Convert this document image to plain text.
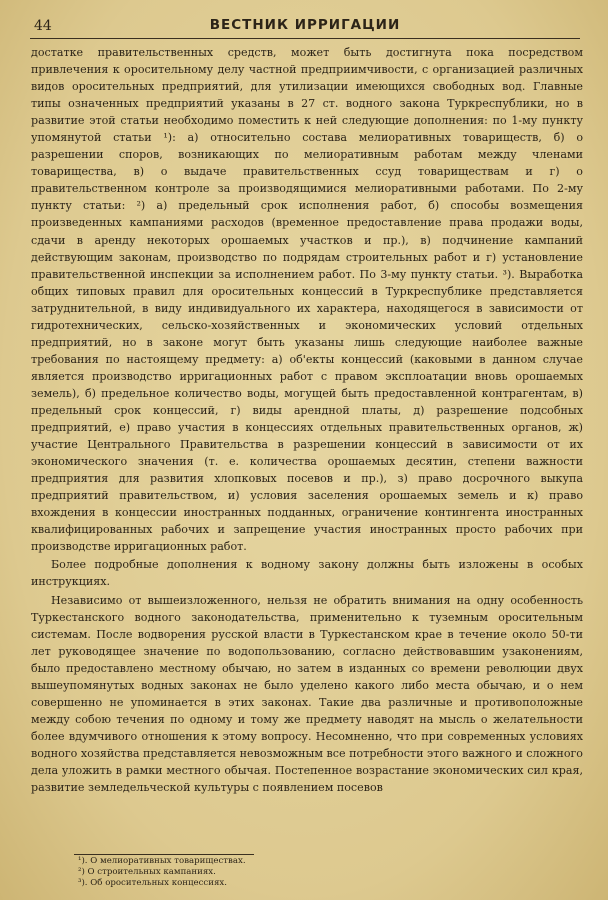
44	ВЕСТНИК ИРРИГАЦИИ

достатке правительственных средств, может быть достигнута пока посредством привлечения к оросительному делу частной предприимчивости, с организацией различных видов оросительных предприятий, для утилизации имеющихся свободных вод. Главные типы означенных предприятий указаны в 27 ст. водного закона Туркреспублики, но в развитие этой статьи необходимо поместить к ней следующие дополнения: по 1-му пункту упомянутой статьи ¹): а) относительно состава мелиоративных товариществ, б) о разрешении споров, возникающих по мелиоративным работам между членами товарищества, в) о выдаче правительственных ссуд товариществам и г) о правительственном контроле за производящимися мелиоративными работами. По 2-му пункту статьи: ²) а) предельный срок исполнения работ, б) способы возмещения произведенных кампаниями расходов (временное предоставление права продажи воды, сдачи в аренду некоторых орошаемых участков и пр.), в) подчинение кампаний действующим законам, производство по подрядам строительных работ и г) установление правительственной инспекции за исполнением работ. По 3-му пункту статьи. ³). Выработка общих типовых правил для оросительных концессий в Туркреспублике представляется затруднительной, в виду индивидуального их характера, находящегося в зависимости от гидротехнических, сельско-хозяйственных и экономических условий отдельных предприятий, но в законе могут быть указаны лишь следующие наиболее важные требования по настоящему предмету: а) об'екты концессий (каковыми в данном случае является производство ирригационных работ с правом эксплоатации вновь орошаемых земель), б) предельное количество воды, могущей быть предоставленной контрагентам, в) предельный срок концессий, г) виды арендной платы, д) разрешение подсобных предприятий, е) право участия в концессиях отдельных правительственных органов, ж) участие Центрального Правительства в разрешении концессий в зависимости от их экономического значения (т. е. количества орошаемых десятин, степени важности предприятия для развития хлопковых посевов и пр.), з) право досрочного выкупа предприятий правительством, и) условия заселения орошаемых земель и к) право вхождения в концессии иностранных подданных, ограничение контингента иностранных квалифицированных рабочих и запрещение участия иностранных просто рабочих при производстве ирригационных работ.

Более подробные дополнения к водному закону должны быть изложены в особых инструкциях.

Независимо от вышеизложенного, нельзя не обратить внимания на одну особенность Туркестанского водного законодательства, применительно к туземным оросительным системам. После водворения русской власти в Туркестанском крае в течение около 50-ти лет руководящее значение по водопользованию, согласно действовавшим узаконениям, было предоставлено местному обычаю, но затем в изданных со времени революции двух вышеупомянутых водных законах не было уделено какого либо места обычаю, и о нем совершенно не упоминается в этих законах. Такие два различные и противоположные между собою течения по одному и тому же предмету наводят на мысль о желательности более вдумчивого отношения к этому вопросу. Несомненно, что при современных условиях водного хозяйства представляется невозможным все потребности этого важного и сложного дела уложить в рамки местного обычая. Постепенное возрастание экономических сил края, развитие земледельческой культуры с появлением посевов

¹). О мелиоративных товариществах.
²) О строительных кампаниях.
³). Об оросительных концессиях.
